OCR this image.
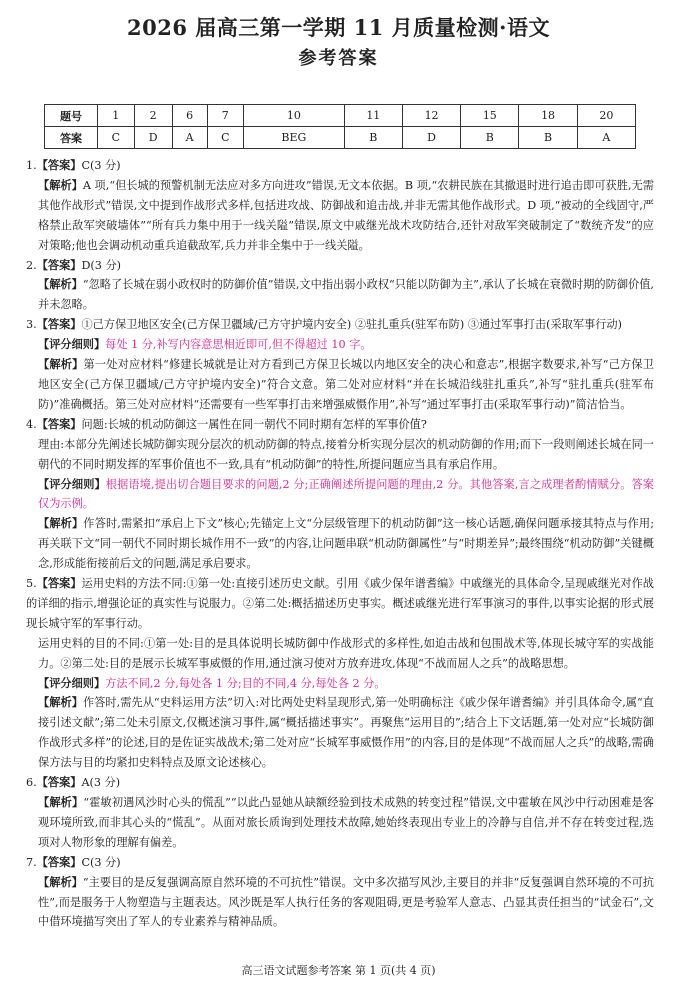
2026 届高三第一学期 11 月质量检测·语文
参考答案
题号	1	2	6	7	10	11	12	15	18	20
答案	C	D	A	C	BEG	B	D	B	B	A

1.【答案】C(3 分)

【解析】A 项,“但长城的预警机制无法应对多方向进攻”错误,无文本依据。B 项,“农耕民族在其撤退时进行追击即可获胜,无需其他作战形式”错误,文中提到作战形式多样,包括进攻战、防御战和追击战,并非无需其他作战形式。D 项,“被动的全线固守,严格禁止敌军突破墙体”“所有兵力集中用于一线关隘”错误,原文中戚继光战术攻防结合,还针对敌军突破制定了“数统齐发”的应对策略;他也会调动机动重兵追截敌军,兵力并非全集中于一线关隘。

2.【答案】D(3 分)

【解析】“忽略了长城在弱小政权时的防御价值”错误,文中指出弱小政权“只能以防御为主”,承认了长城在衰微时期的防御价值,并未忽略。

3.【答案】①己方保卫地区安全(己方保卫疆域/己方守护境内安全) ②驻扎重兵(驻军布防) ③通过军事打击(采取军事行动)

【评分细则】每处 1 分,补写内容意思相近即可,但不得超过 10 字。

【解析】第一处对应材料“修建长城就是让对方看到己方保卫长城以内地区安全的决心和意志”,根据字数要求,补写“己方保卫地区安全(己方保卫疆域/己方守护境内安全)”符合文意。第二处对应材料“并在长城沿线驻扎重兵”,补写“驻扎重兵(驻军布防)”准确概括。第三处对应材料“还需要有一些军事打击来增强威慑作用”,补写“通过军事打击(采取军事行动)”简洁恰当。

4.【答案】问题:长城的机动防御这一属性在同一朝代不同时期有怎样的军事价值?

理由:本部分先阐述长城防御实现分层次的机动防御的特点,接着分析实现分层次的机动防御的作用;而下一段则阐述长城在同一朝代的不同时期发挥的军事价值也不一致,具有“机动防御”的特性,所提问题应当具有承启作用。

【评分细则】根据语境,提出切合题目要求的问题,2 分;正确阐述所提问题的理由,2 分。其他答案,言之成理者酌情赋分。答案仅为示例。

【解析】作答时,需紧扣“承启上下文”核心;先锚定上文“分层级管理下的机动防御”这一核心话题,确保问题承接其特点与作用;再关联下文“同一朝代不同时期长城作用不一致”的内容,让问题串联“机动防御属性”与“时期差异”;最终围绕“机动防御”关键概念,形成能衔接前后文的问题,满足承启要求。

5.【答案】运用史料的方法不同:①第一处:直接引述历史文献。引用《戚少保年谱耆编》中戚继光的具体命令,呈现戚继光对作战的详细的指示,增强论证的真实性与说服力。②第二处:概括描述历史事实。概述戚继光进行军事演习的事件,以事实论据的形式展现长城守军的军事行动。

运用史料的目的不同:①第一处:目的是具体说明长城防御中作战形式的多样性,如迫击战和包围战术等,体现长城守军的实战能力。②第二处:目的是展示长城军事威慑的作用,通过演习使对方放弃进攻,体现“不战而屈人之兵”的战略思想。

【评分细则】方法不同,2 分,每处各 1 分;目的不同,4 分,每处各 2 分。

【解析】作答时,需先从“史料运用方法”切入:对比两处史料呈现形式,第一处明确标注《戚少保年谱耆编》并引具体命令,属“直接引述文献”;第二处未引原文,仅概述演习事件,属“概括描述事实”。再聚焦“运用目的”;结合上下文话题,第一处对应“长城防御作战形式多样”的论述,目的是佐证实战战术;第二处对应“长城军事威慑作用”的内容,目的是体现“不战而屈人之兵”的战略,需确保方法与目的均紧扣史料特点及原文论述核心。

6.【答案】A(3 分)

【解析】“霍敏初遇风沙时心头的慌乱”“以此凸显她从缺额经验到技术成熟的转变过程”错误,文中霍敏在风沙中行动困难是客观环境所致,而非其心头的“慌乱”。从面对旅长质询到处理技术故障,她始终表现出专业上的冷静与自信,并不存在转变过程,选项对人物形象的理解有偏差。

7.【答案】C(3 分)

【解析】“主要目的是反复强调高原自然环境的不可抗性”错误。文中多次描写风沙,主要目的并非“反复强调自然环境的不可抗性”,而是服务于人物塑造与主题表达。风沙既是军人执行任务的客观阻碍,更是考验军人意志、凸显其责任担当的“试金石”,文中借环境描写突出了军人的专业素养与精神品质。

高三语文试题参考答案 第 1 页(共 4 页)
